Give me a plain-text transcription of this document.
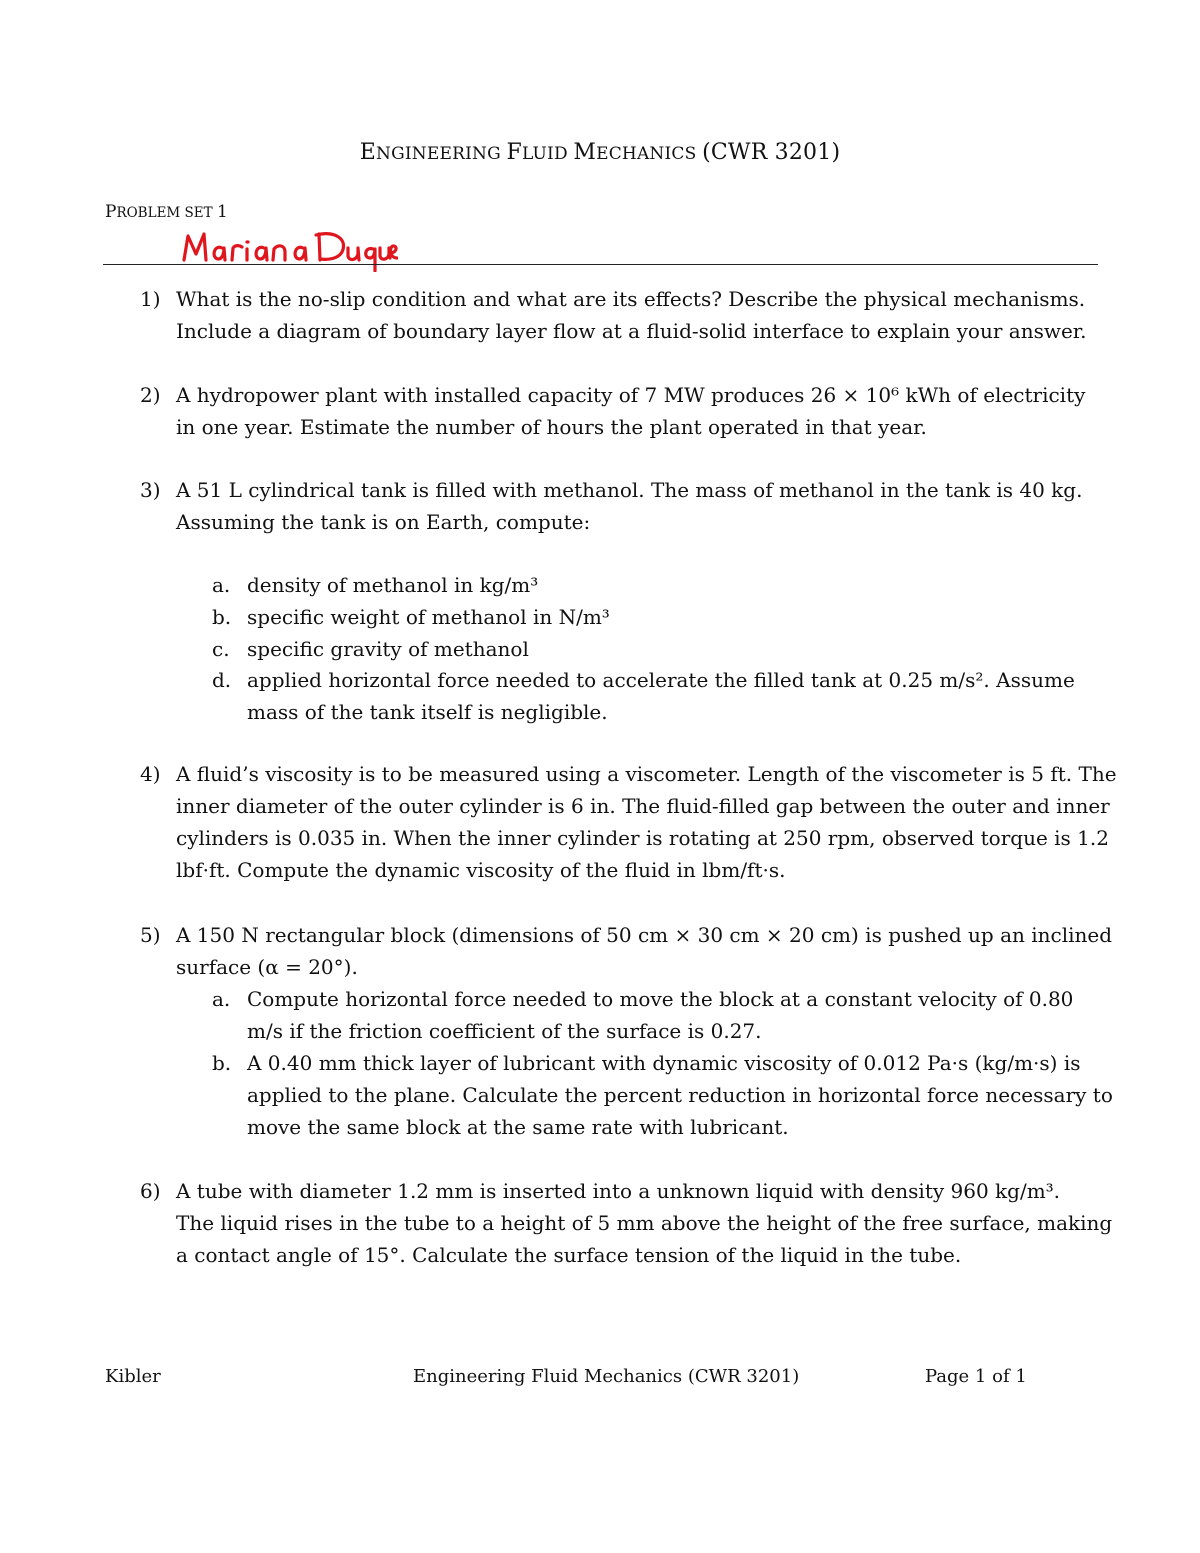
ENGINEERING FLUID MECHANICS (CWR 3201)
PROBLEM SET 1
1) What is the no-slip condition and what are its effects? Describe the physical mechanisms.
Include a diagram of boundary layer flow at a fluid-solid interface to explain your answer.
2) A hydropower plant with installed capacity of 7 MW produces 26 × 10⁶ kWh of electricity
in one year. Estimate the number of hours the plant operated in that year.
3) A 51 L cylindrical tank is filled with methanol. The mass of methanol in the tank is 40 kg.
Assuming the tank is on Earth, compute:
a. density of methanol in kg/m³
b. specific weight of methanol in N/m³
c. specific gravity of methanol
d. applied horizontal force needed to accelerate the filled tank at 0.25 m/s². Assume
mass of the tank itself is negligible.
4) A fluid’s viscosity is to be measured using a viscometer. Length of the viscometer is 5 ft. The
inner diameter of the outer cylinder is 6 in. The fluid-filled gap between the outer and inner
cylinders is 0.035 in. When the inner cylinder is rotating at 250 rpm, observed torque is 1.2
lbf·ft. Compute the dynamic viscosity of the fluid in lbm/ft·s.
5) A 150 N rectangular block (dimensions of 50 cm × 30 cm × 20 cm) is pushed up an inclined
surface (α = 20°).
a. Compute horizontal force needed to move the block at a constant velocity of 0.80
m/s if the friction coefficient of the surface is 0.27.
b. A 0.40 mm thick layer of lubricant with dynamic viscosity of 0.012 Pa·s (kg/m·s) is
applied to the plane. Calculate the percent reduction in horizontal force necessary to
move the same block at the same rate with lubricant.
6) A tube with diameter 1.2 mm is inserted into a unknown liquid with density 960 kg/m³.
The liquid rises in the tube to a height of 5 mm above the height of the free surface, making
a contact angle of 15°. Calculate the surface tension of the liquid in the tube.
Kibler	Engineering Fluid Mechanics (CWR 3201)	Page 1 of 1
